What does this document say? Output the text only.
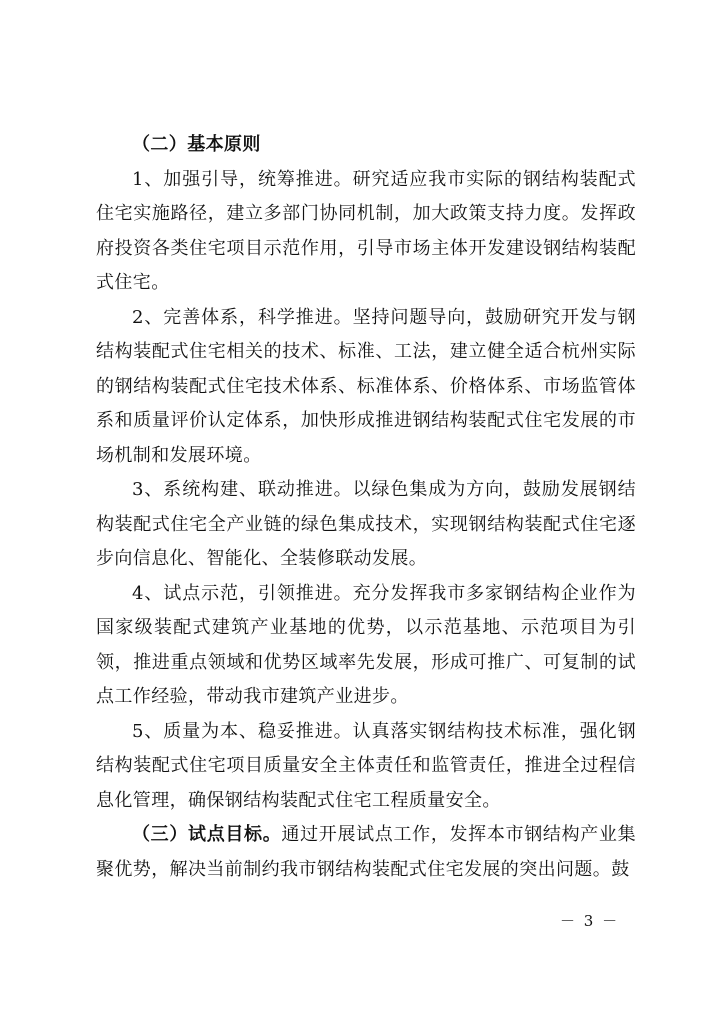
（二）基本原则

1、加强引导，统筹推进。研究适应我市实际的钢结构装配式住宅实施路径，建立多部门协同机制，加大政策支持力度。发挥政府投资各类住宅项目示范作用，引导市场主体开发建设钢结构装配式住宅。

2、完善体系，科学推进。坚持问题导向，鼓励研究开发与钢结构装配式住宅相关的技术、标准、工法，建立健全适合杭州实际的钢结构装配式住宅技术体系、标准体系、价格体系、市场监管体系和质量评价认定体系，加快形成推进钢结构装配式住宅发展的市场机制和发展环境。

3、系统构建、联动推进。以绿色集成为方向，鼓励发展钢结构装配式住宅全产业链的绿色集成技术，实现钢结构装配式住宅逐步向信息化、智能化、全装修联动发展。

4、试点示范，引领推进。充分发挥我市多家钢结构企业作为国家级装配式建筑产业基地的优势，以示范基地、示范项目为引领，推进重点领域和优势区域率先发展，形成可推广、可复制的试点工作经验，带动我市建筑产业进步。

5、质量为本、稳妥推进。认真落实钢结构技术标准，强化钢结构装配式住宅项目质量安全主体责任和监管责任，推进全过程信息化管理，确保钢结构装配式住宅工程质量安全。

（三）试点目标。通过开展试点工作，发挥本市钢结构产业集聚优势，解决当前制约我市钢结构装配式住宅发展的突出问题。鼓

－ 3 －
